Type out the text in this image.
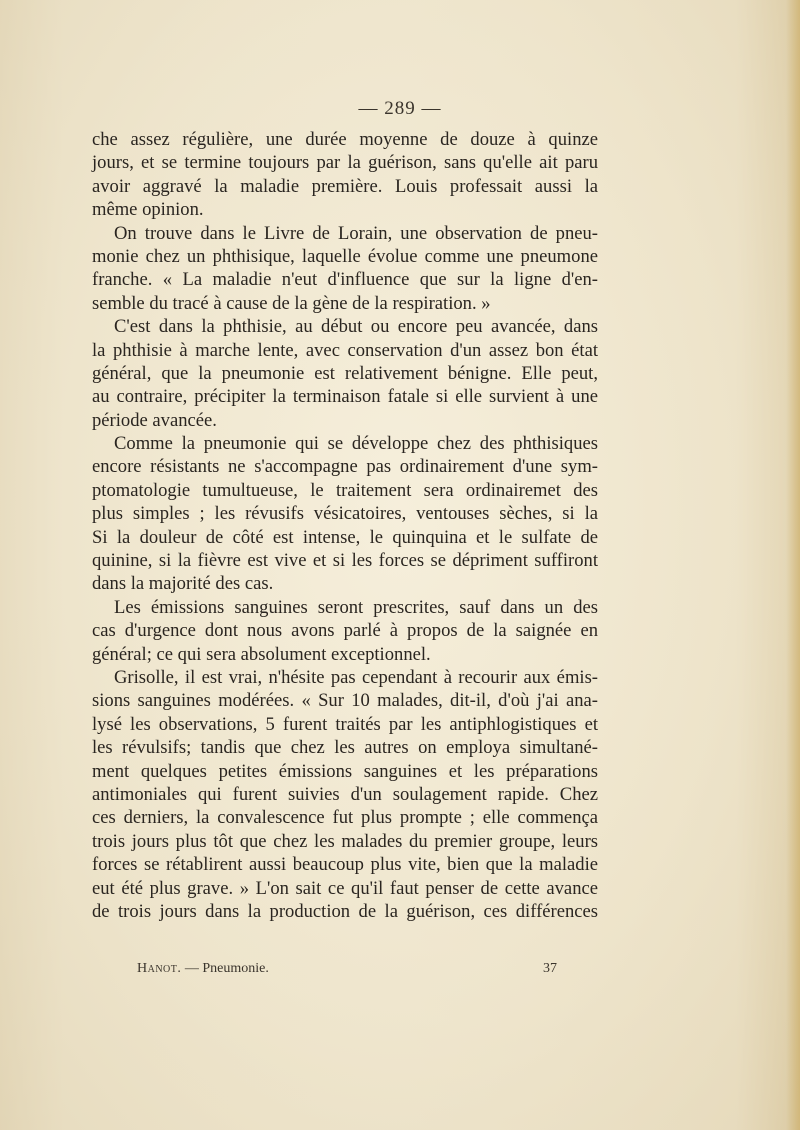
— 289 —
che assez régulière, une durée moyenne de douze à quinze
jours, et se termine toujours par la guérison, sans qu'elle ait paru
avoir aggravé la maladie première. Louis professait aussi la
même opinion.
On trouve dans le Livre de Lorain, une observation de pneu-
monie chez un phthisique, laquelle évolue comme une pneumone
franche. « La maladie n'eut d'influence que sur la ligne d'en-
semble du tracé à cause de la gène de la respiration. »
C'est dans la phthisie, au début ou encore peu avancée, dans
la phthisie à marche lente, avec conservation d'un assez bon état
général, que la pneumonie est relativement bénigne. Elle peut,
au contraire, précipiter la terminaison fatale si elle survient à une
période avancée.
Comme la pneumonie qui se développe chez des phthisiques
encore résistants ne s'accompagne pas ordinairement d'une sym-
ptomatologie tumultueuse, le traitement sera ordinairemet des
plus simples ; les révusifs vésicatoires, ventouses sèches, si la
Si la douleur de côté est intense, le quinquina et le sulfate de
quinine, si la fièvre est vive et si les forces se dépriment suffiront
dans la majorité des cas.
Les émissions sanguines seront prescrites, sauf dans un des
cas d'urgence dont nous avons parlé à propos de la saignée en
général; ce qui sera absolument exceptionnel.
Grisolle, il est vrai, n'hésite pas cependant à recourir aux émis-
sions sanguines modérées. « Sur 10 malades, dit-il, d'où j'ai ana-
lysé les observations, 5 furent traités par les antiphlogistiques et
les révulsifs; tandis que chez les autres on employa simultané-
ment quelques petites émissions sanguines et les préparations
antimoniales qui furent suivies d'un soulagement rapide. Chez
ces derniers, la convalescence fut plus prompte ; elle commença
trois jours plus tôt que chez les malades du premier groupe, leurs
forces se rétablirent aussi beaucoup plus vite, bien que la maladie
eut été plus grave. » L'on sait ce qu'il faut penser de cette avance
de trois jours dans la production de la guérison, ces différences
Hanot. — Pneumonie.	37
